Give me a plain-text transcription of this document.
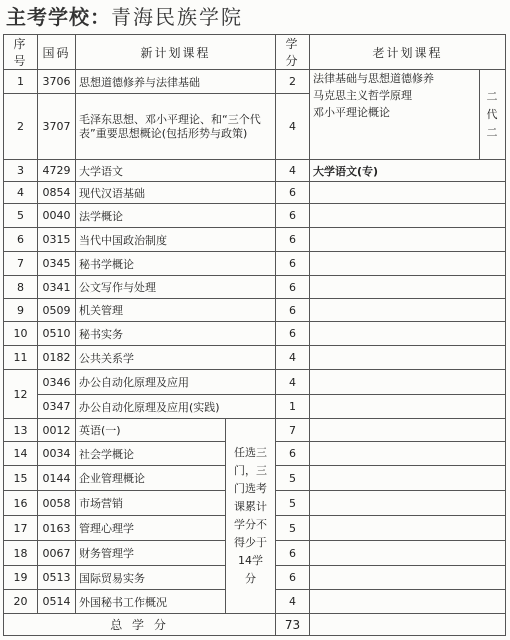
主考学校：青海民族学院
序号	国码	新计划课程		学分	老计划课程	
1	3706	思想道德修养与法律基础		2	法律基础与思想道德修养
马克思主义哲学原理
邓小平理论概论	二代二

2	3707	毛泽东思想、邓小平理论、和“三个代表”重要思想概论(包括形势与政策)		4		
3	4729	大学语文		4	大学语文(专)	
4	0854	现代汉语基础		6		
5	0040	法学概论		6		
6	0315	当代中国政治制度		6		
7	0345	秘书学概论		6		
8	0341	公文写作与处理		6		
9	0509	机关管理		6		
10	0510	秘书实务		6		
11	0182	公共关系学		4		
12	0346	办公自动化原理及应用		4		
	0347	办公自动化原理及应用(实践)		1		
13	0012	英语(一)	任选三门，三门选考课累计学分不得少于14学分	7		
14	0034	社会学概论		6		
15	0144	企业管理概论		5		
16	0058	市场营销		5		
17	0163	管理心理学		5		
18	0067	财务管理学		6		
19	0513	国际贸易实务		6		
20	0514	外国秘书工作概况		4		
总 学 分				73		
